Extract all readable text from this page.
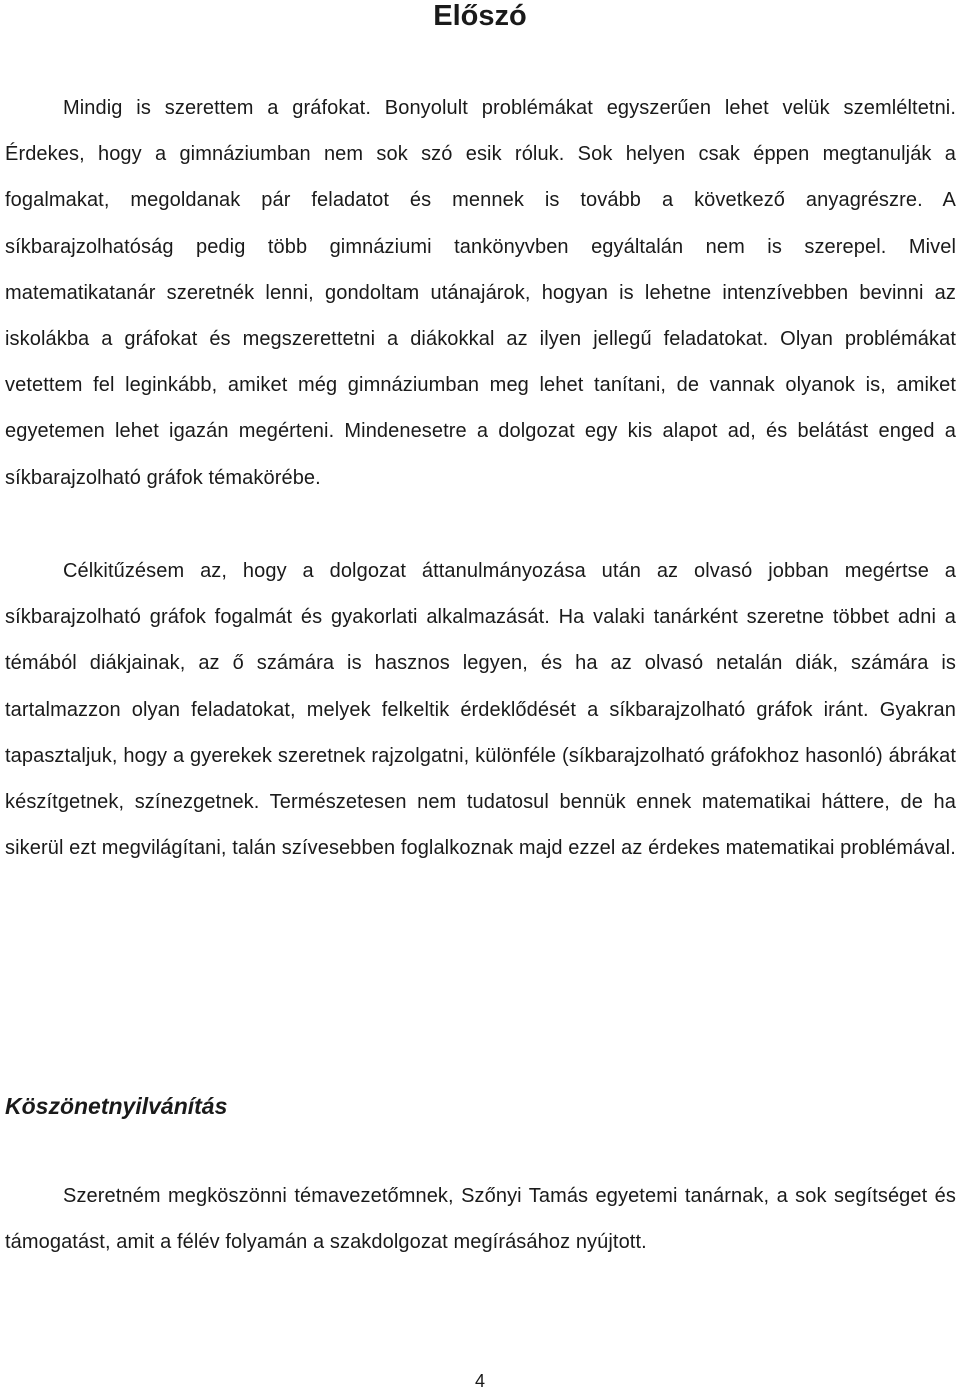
Előszó

Mindig is szerettem a gráfokat. Bonyolult problémákat egyszerűen lehet velük szemléltetni. Érdekes, hogy a gimnáziumban nem sok szó esik róluk. Sok helyen csak éppen megtanulják a fogalmakat, megoldanak pár feladatot és mennek is tovább a következő anyagrészre. A síkbarajzolhatóság pedig több gimnáziumi tankönyvben egyáltalán nem is szerepel. Mivel matematikatanár szeretnék lenni, gondoltam utánajárok, hogyan is lehetne intenzívebben bevinni az iskolákba a gráfokat és megszerettetni a diákokkal az ilyen jellegű feladatokat. Olyan problémákat vetettem fel leginkább, amiket még gimnáziumban meg lehet tanítani, de vannak olyanok is, amiket egyetemen lehet igazán megérteni. Mindenesetre a dolgozat egy kis alapot ad, és belátást enged a síkbarajzolható gráfok témakörébe.

Célkitűzésem az, hogy a dolgozat áttanulmányozása után az olvasó jobban megértse a síkbarajzolható gráfok fogalmát és gyakorlati alkalmazását. Ha valaki tanárként szeretne többet adni a témából diákjainak, az ő számára is hasznos legyen, és ha az olvasó netalán diák, számára is tartalmazzon olyan feladatokat, melyek felkeltik érdeklődését a síkbarajzolható gráfok iránt. Gyakran tapasztaljuk, hogy a gyerekek szeretnek rajzolgatni, különféle (síkbarajzolható gráfokhoz hasonló) ábrákat készítgetnek, színezgetnek. Természetesen nem tudatosul bennük ennek matematikai háttere, de ha sikerül ezt megvilágítani, talán szívesebben foglalkoznak majd ezzel az érdekes matematikai problémával.

Köszönetnyilvánítás

Szeretném megköszönni témavezetőmnek, Szőnyi Tamás egyetemi tanárnak, a sok segítséget és támogatást, amit a félév folyamán a szakdolgozat megírásához nyújtott.

4
